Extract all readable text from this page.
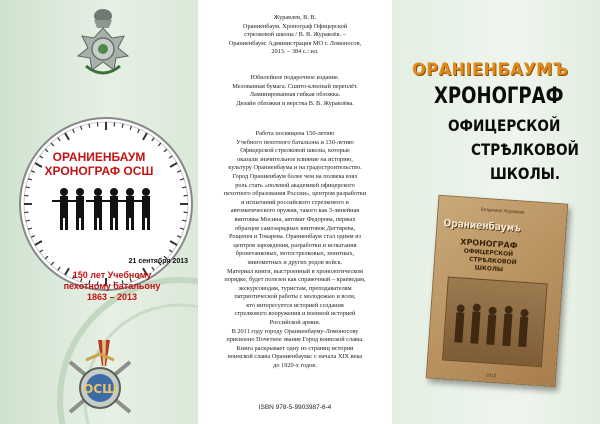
ОРАНИЕНБАУМ
ХРОНОГРАФ ОСШ
21 сентября 2013
150 лет Учебному
пехотному батальону
1863 – 2013
ОСШ
Журавлев, В. В.
Ораниенбаум. Хронограф Офицерской
стрелковой школы / В. В. Журавлёв. –
Ораниенбаум: Администрация МО г. Ломоносов,
2013. – 384 с.: ил.
Юбилейное подарочное издание.
Мелованная бумага. Сшито-клееный переплёт.
Ламинированная гибкая обложка.
Дизайн обложки и верстка В. В. Журавлёва.
Работа посвящена 150-летию
Учебного пехотного батальона и 130-летию
Офицерской стрелковой школы, которые
оказали значительное влияние на историю,
культуру Ораниенбаума и на градостроительство.
Город Ораниенбаум более чем на полвека взял
роль стать «полевой академией офицерского
пехотного образования России», центром разработки
и испытаний российского стрелкового и
автоматического оружия, такого как 3-линейная
винтовка Мосина, автомат Федорова, первых
образцов самозарядных винтовок Дегтярева,
Рощепея и Токарева. Ораниенбаум стал одним из
центров зарождения, разработки и испытания
бронетанковых, мотострелковых, зенитных,
минометных и других родов войск.
Материал книги, выстроенный в хронологическом
порядке, будет полезен как справочный – краеведам,
экскурсоводам, туристам, преподавателям
патриотической работы с молодежью и всем,
кто интересуется историей создания
стрелкового вооружения и военной историей
Российской армии.
В 2011 году городу Ораниенбауму-Ломоносову
присвоено Почетное звание Город воинской славы.
Книга раскрывает одну из страниц истории
воинской славы Ораниенбаума: с начала XIX века
до 1920-х годов.
ISBN 978-5-9903987-6-4
ОРАНIЕНБАУМЪ
ХРОНОГРАФ
ОФИЦЕРСКОЙ
СТРѢЛКОВОЙ
ШКОЛЫ.
Владимир Журавлев
Ораниенбаумъ
ХРОНОГРАФ
ОФИЦЕРСКОЙ
СТРѢЛКОВОЙ
ШКОЛЫ
2013
